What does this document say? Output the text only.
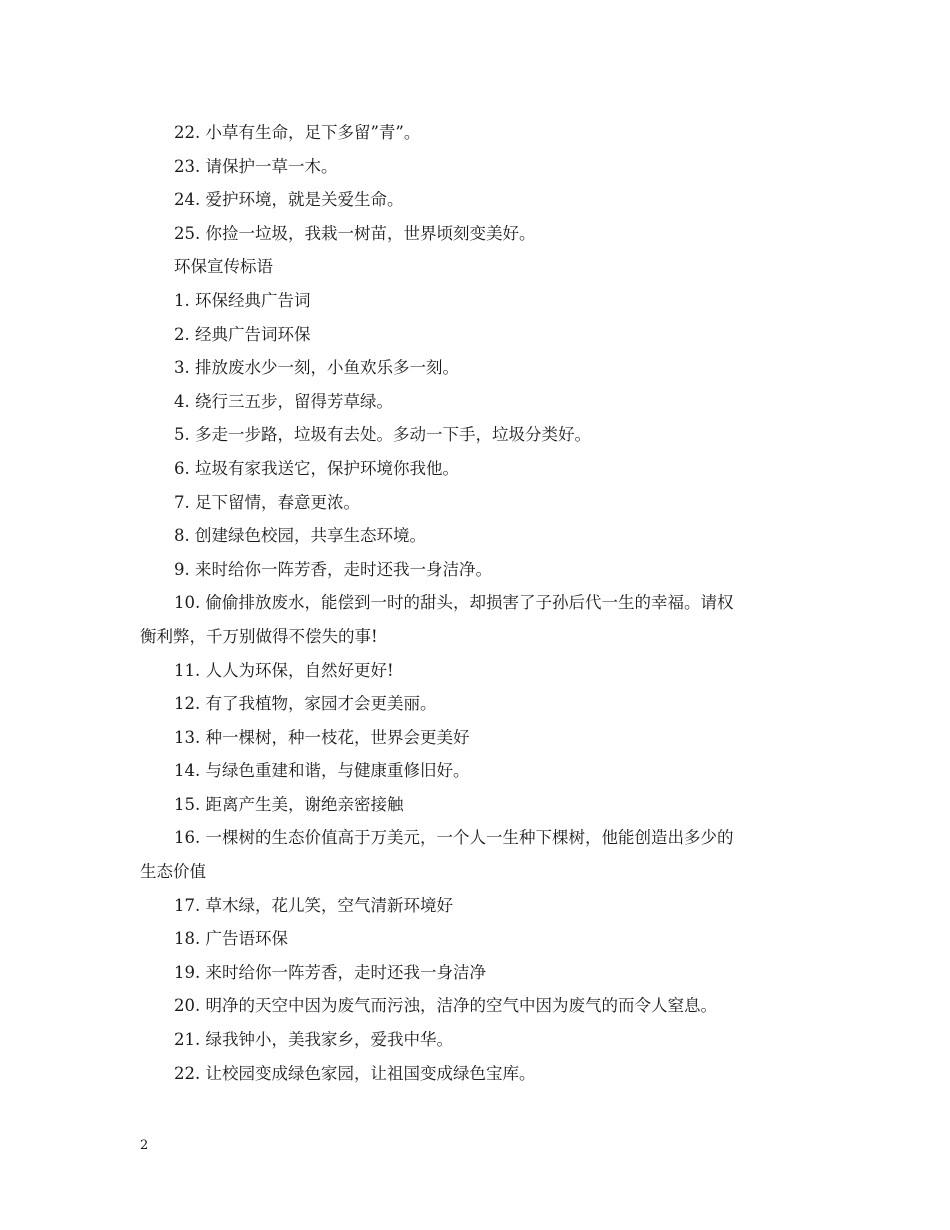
22. 小草有生命，足下多留”青”。
23. 请保护一草一木。
24. 爱护环境，就是关爱生命。
25. 你捡一垃圾，我栽一树苗，世界顷刻变美好。
环保宣传标语
1. 环保经典广告词
2. 经典广告词环保
3. 排放废水少一刻，小鱼欢乐多一刻。
4. 绕行三五步，留得芳草绿。
5. 多走一步路，垃圾有去处。多动一下手，垃圾分类好。
6. 垃圾有家我送它，保护环境你我他。
7. 足下留情，春意更浓。
8. 创建绿色校园，共享生态环境。
9. 来时给你一阵芳香，走时还我一身洁净。
10. 偷偷排放废水，能偿到一时的甜头，却损害了子孙后代一生的幸福。请权
衡利弊，千万别做得不偿失的事!
11. 人人为环保，自然好更好!
12. 有了我植物，家园才会更美丽。
13. 种一棵树，种一枝花，世界会更美好
14. 与绿色重建和谐，与健康重修旧好。
15. 距离产生美，谢绝亲密接触
16. 一棵树的生态价值高于万美元，一个人一生种下棵树，他能创造出多少的
生态价值
17. 草木绿，花儿笑，空气清新环境好
18. 广告语环保
19. 来时给你一阵芳香，走时还我一身洁净
20. 明净的天空中因为废气而污浊，洁净的空气中因为废气的而令人窒息。
21. 绿我钟小，美我家乡，爱我中华。
22. 让校园变成绿色家园，让祖国变成绿色宝库。
2
